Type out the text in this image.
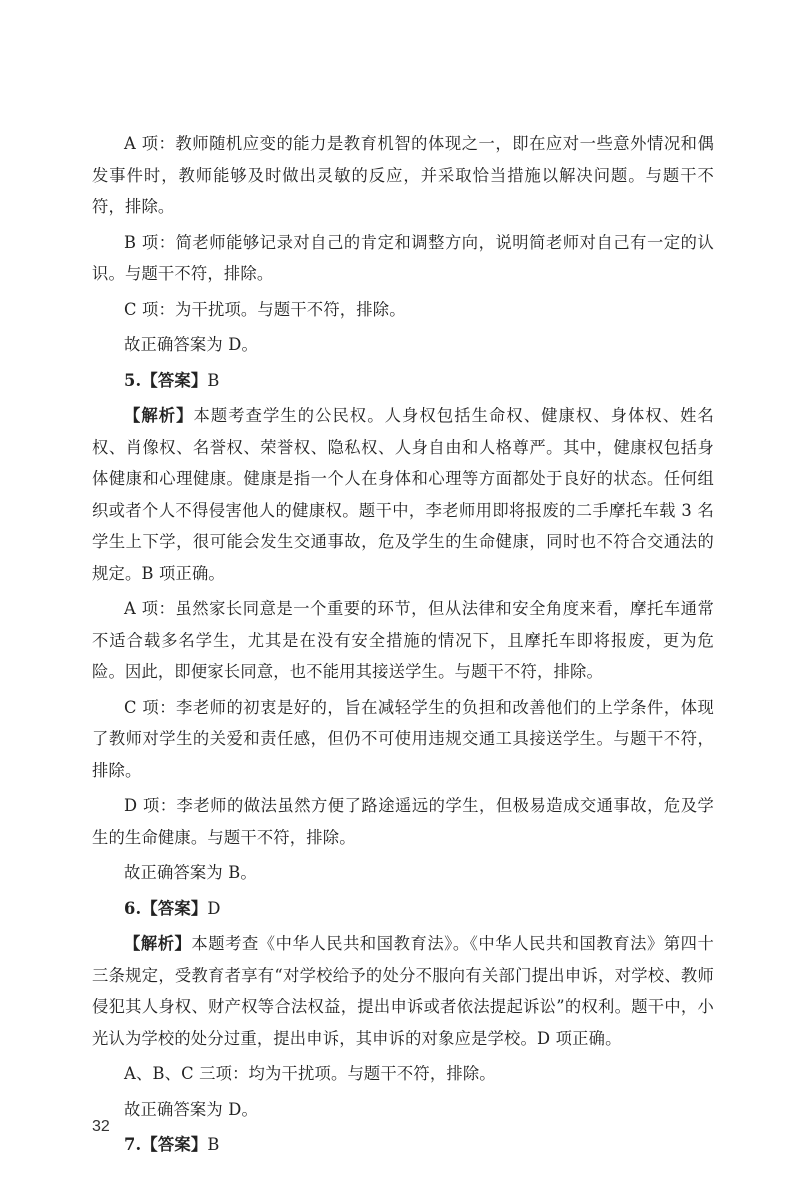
A 项：教师随机应变的能力是教育机智的体现之一，即在应对一些意外情况和偶发事件时，教师能够及时做出灵敏的反应，并采取恰当措施以解决问题。与题干不符，排除。

B 项：简老师能够记录对自己的肯定和调整方向，说明简老师对自己有一定的认识。与题干不符，排除。

C 项：为干扰项。与题干不符，排除。

故正确答案为 D。

5.【答案】B

【解析】本题考查学生的公民权。人身权包括生命权、健康权、身体权、姓名权、肖像权、名誉权、荣誉权、隐私权、人身自由和人格尊严。其中，健康权包括身体健康和心理健康。健康是指一个人在身体和心理等方面都处于良好的状态。任何组织或者个人不得侵害他人的健康权。题干中，李老师用即将报废的二手摩托车载 3 名学生上下学，很可能会发生交通事故，危及学生的生命健康，同时也不符合交通法的规定。B 项正确。

A 项：虽然家长同意是一个重要的环节，但从法律和安全角度来看，摩托车通常不适合载多名学生，尤其是在没有安全措施的情况下，且摩托车即将报废，更为危险。因此，即便家长同意，也不能用其接送学生。与题干不符，排除。

C 项：李老师的初衷是好的，旨在减轻学生的负担和改善他们的上学条件，体现了教师对学生的关爱和责任感，但仍不可使用违规交通工具接送学生。与题干不符，排除。

D 项：李老师的做法虽然方便了路途遥远的学生，但极易造成交通事故，危及学生的生命健康。与题干不符，排除。

故正确答案为 B。

6.【答案】D

【解析】本题考查《中华人民共和国教育法》。《中华人民共和国教育法》第四十三条规定，受教育者享有“对学校给予的处分不服向有关部门提出申诉，对学校、教师侵犯其人身权、财产权等合法权益，提出申诉或者依法提起诉讼”的权利。题干中，小光认为学校的处分过重，提出申诉，其申诉的对象应是学校。D 项正确。

A、B、C 三项：均为干扰项。与题干不符，排除。

故正确答案为 D。

7.【答案】B

32
